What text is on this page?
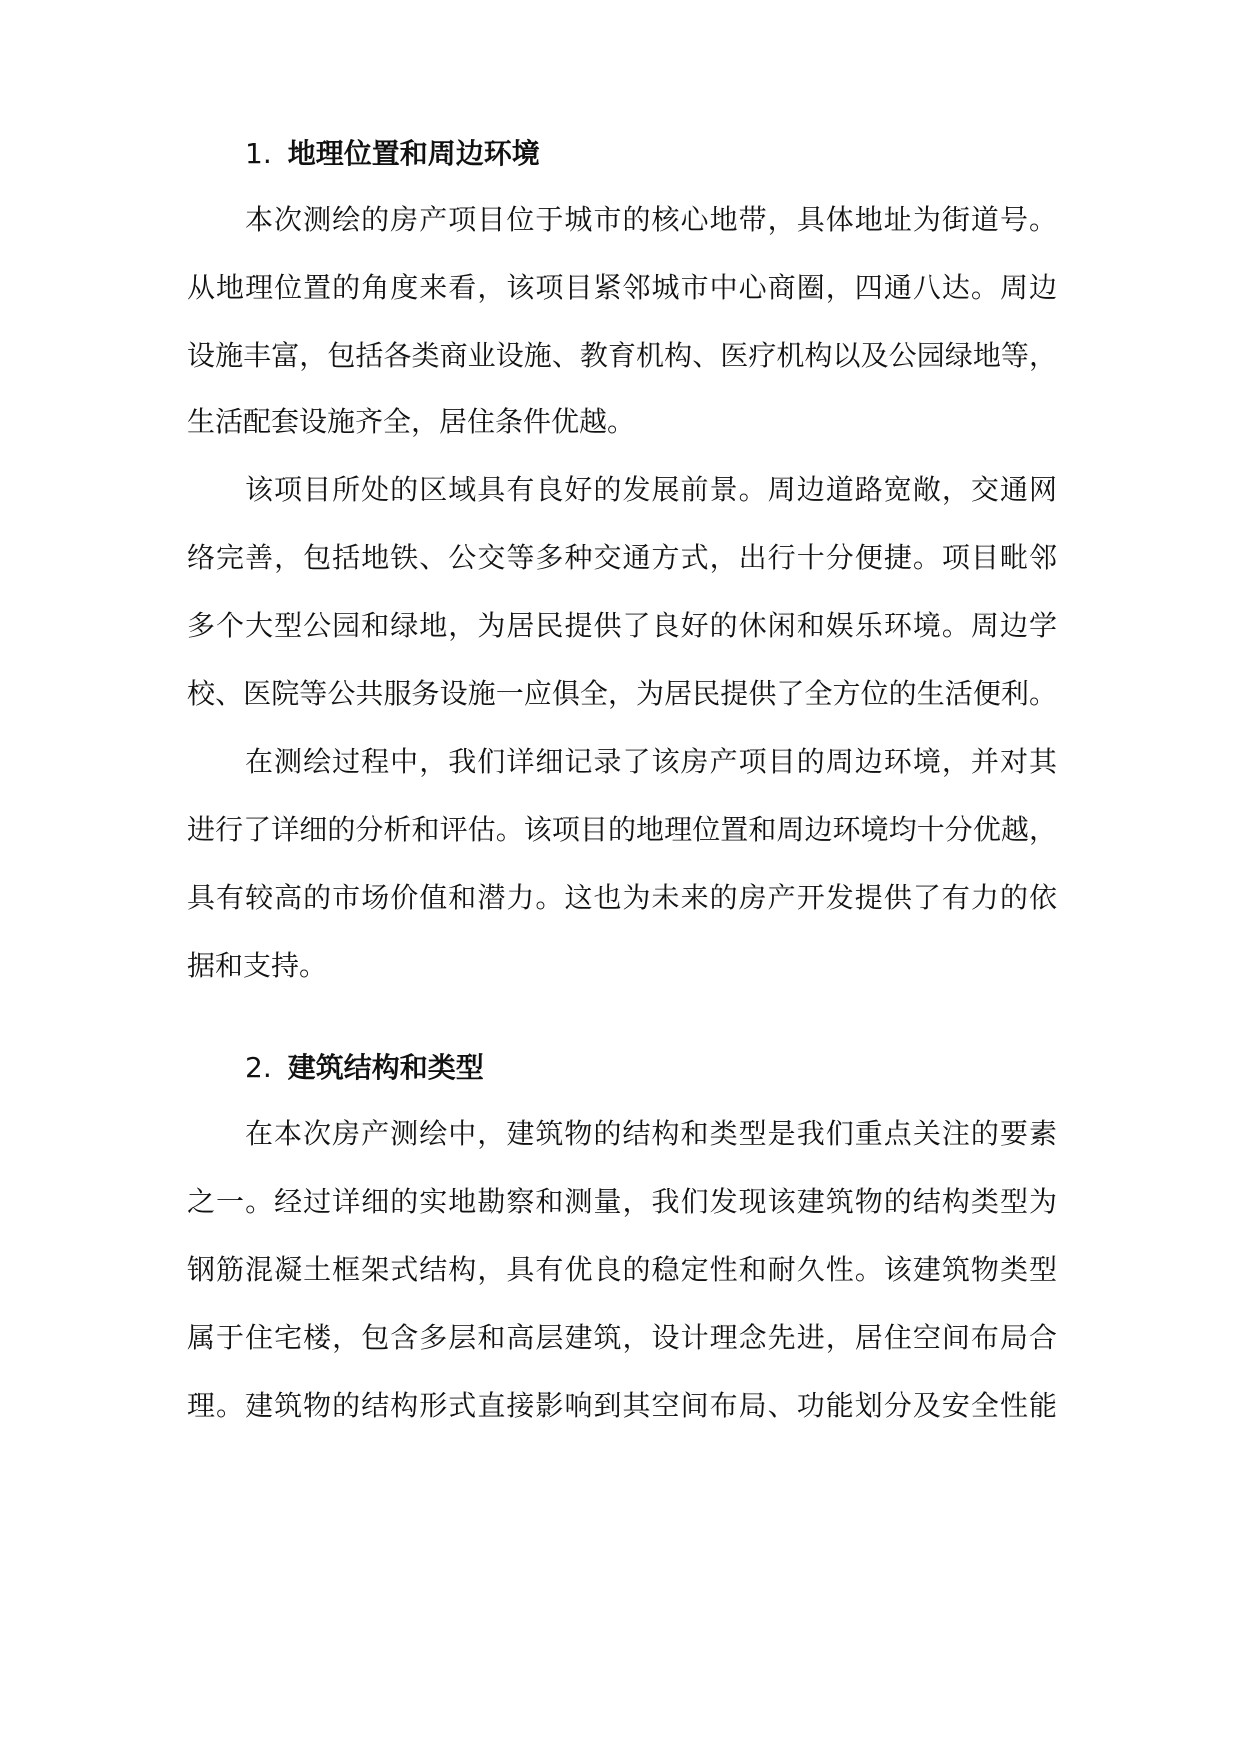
1. 地理位置和周边环境
本次测绘的房产项目位于城市的核心地带，具体地址为街道号。
从地理位置的角度来看，该项目紧邻城市中心商圈，四通八达。周边
设施丰富，包括各类商业设施、教育机构、医疗机构以及公园绿地等，
生活配套设施齐全，居住条件优越。
该项目所处的区域具有良好的发展前景。周边道路宽敞，交通网
络完善，包括地铁、公交等多种交通方式，出行十分便捷。项目毗邻
多个大型公园和绿地，为居民提供了良好的休闲和娱乐环境。周边学
校、医院等公共服务设施一应俱全，为居民提供了全方位的生活便利。
在测绘过程中，我们详细记录了该房产项目的周边环境，并对其
进行了详细的分析和评估。该项目的地理位置和周边环境均十分优越，
具有较高的市场价值和潜力。这也为未来的房产开发提供了有力的依
据和支持。
2. 建筑结构和类型
在本次房产测绘中，建筑物的结构和类型是我们重点关注的要素
之一。经过详细的实地勘察和测量，我们发现该建筑物的结构类型为
钢筋混凝土框架式结构，具有优良的稳定性和耐久性。该建筑物类型
属于住宅楼，包含多层和高层建筑，设计理念先进，居住空间布局合
理。建筑物的结构形式直接影响到其空间布局、功能划分及安全性能
